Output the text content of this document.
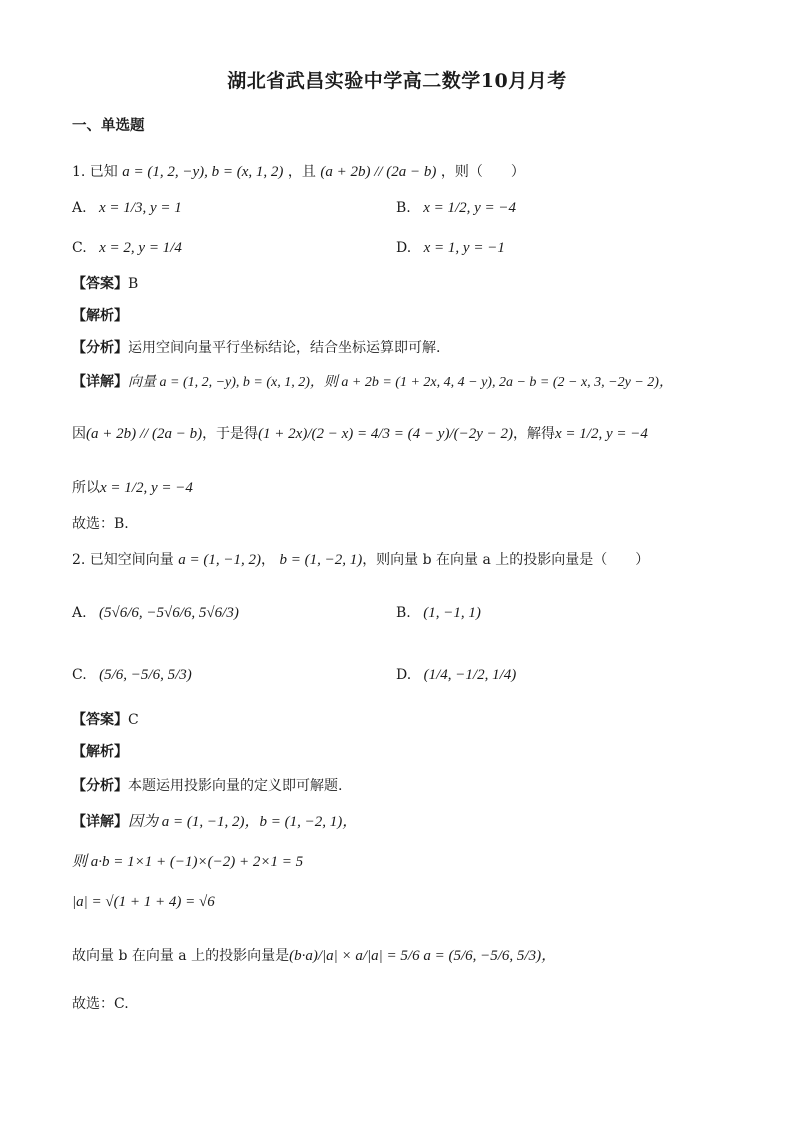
湖北省武昌实验中学高二数学10月月考
一、单选题
1. 已知 a = (1, 2, −y), b = (x, 1, 2) ，且 (a + 2b) // (2a − b) ，则（　　）
A. x = 1/3, y = 1	B. x = 1/2, y = −4
C. x = 2, y = 1/4	D. x = 1, y = −1
【答案】B
【解析】
【分析】运用空间向量平行坐标结论，结合坐标运算即可解.
【详解】向量 a = (1, 2, −y), b = (x, 1, 2)，则 a + 2b = (1 + 2x, 4, 4 − y), 2a − b = (2 − x, 3, −2y − 2)，
因(a + 2b) // (2a − b)，于是得(1 + 2x)/(2 − x) = 4/3 = (4 − y)/(−2y − 2)，解得x = 1/2, y = −4
所以x = 1/2, y = −4
故选：B.
2. 已知空间向量 a = (1, −1, 2)， b = (1, −2, 1)，则向量 b 在向量 a 上的投影向量是（　　）
A. (5√6/6, −5√6/6, 5√6/3)	B. (1, −1, 1)
C. (5/6, −5/6, 5/3)	D. (1/4, −1/2, 1/4)
【答案】C
【解析】
【分析】本题运用投影向量的定义即可解题.
【详解】因为 a = (1, −1, 2)，b = (1, −2, 1)，
则 a·b = 1×1 + (−1)×(−2) + 2×1 = 5
|a| = √(1 + 1 + 4) = √6
故向量 b 在向量 a 上的投影向量是(b·a)/|a| × a/|a| = 5/6 a = (5/6, −5/6, 5/3)，
故选：C.
